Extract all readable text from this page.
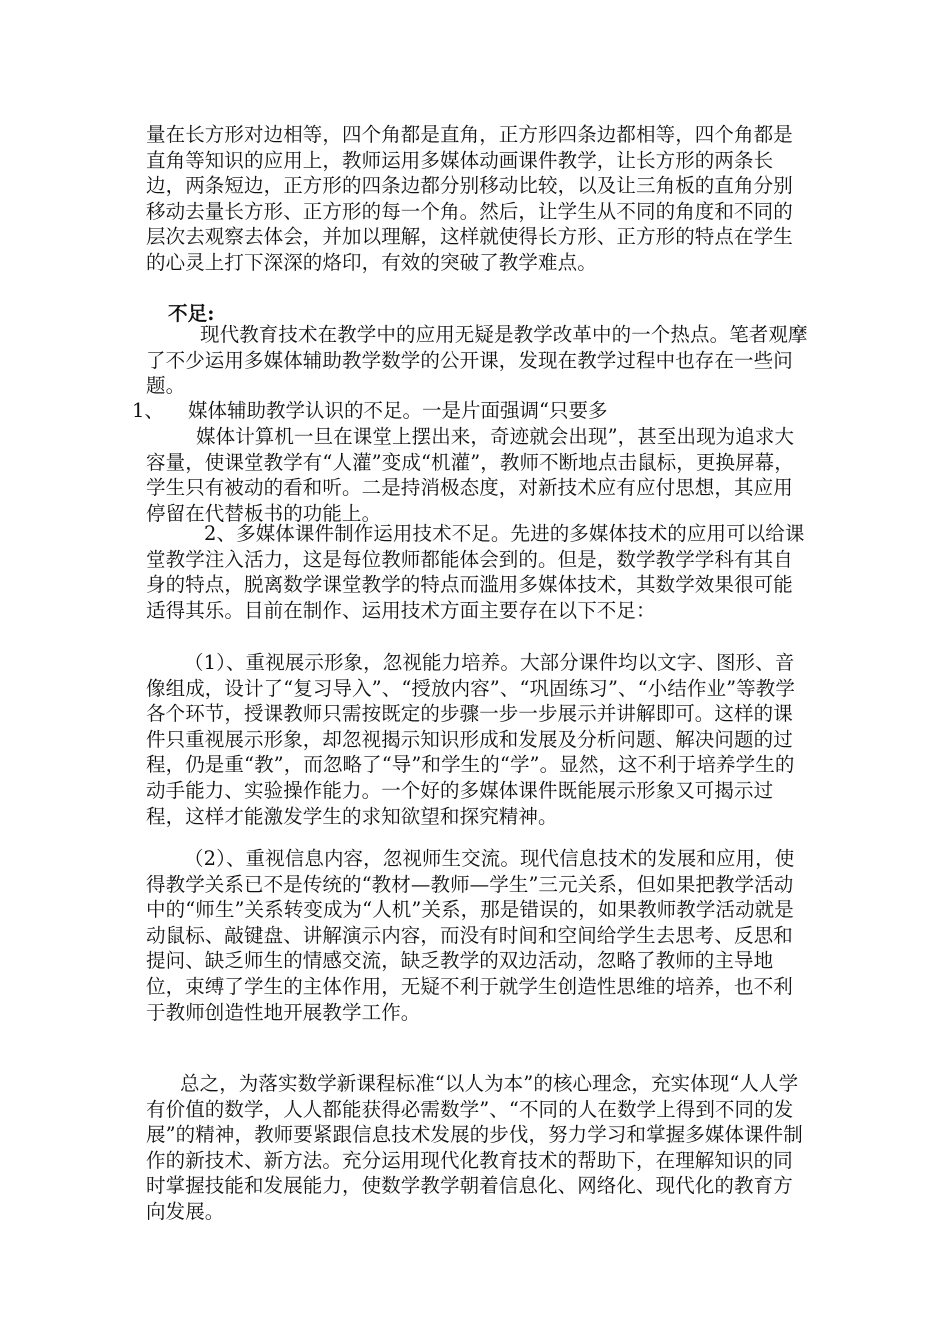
量在长方形对边相等，四个角都是直角，正方形四条边都相等，四个角都是直角等知识的应用上，教师运用多媒体动画课件教学，让长方形的两条长边，两条短边，正方形的四条边都分别移动比较，以及让三角板的直角分别移动去量长方形、正方形的每一个角。然后，让学生从不同的角度和不同的层次去观察去体会，并加以理解，这样就使得长方形、正方形的特点在学生的心灵上打下深深的烙印，有效的突破了教学难点。
不足:
现代教育技术在教学中的应用无疑是教学改革中的一个热点。笔者观摩了不少运用多媒体辅助教学数学的公开课，发现在教学过程中也存在一些问题。
1、 媒体辅助教学认识的不足。一是片面强调“只要多
媒体计算机一旦在课堂上摆出来，奇迹就会出现”，甚至出现为追求大容量，使课堂教学有“人灌”变成“机灌”，教师不断地点击鼠标，更换屏幕，学生只有被动的看和听。二是持消极态度，对新技术应有应付思想，其应用停留在代替板书的功能上。
2、多媒体课件制作运用技术不足。先进的多媒体技术的应用可以给课堂教学注入活力，这是每位教师都能体会到的。但是，数学教学学科有其自身的特点，脱离数学课堂教学的特点而滥用多媒体技术，其数学效果很可能适得其乐。目前在制作、运用技术方面主要存在以下不足：
（1）、重视展示形象，忽视能力培养。大部分课件均以文字、图形、音像组成，设计了“复习导入”、“授放内容”、“巩固练习”、“小结作业”等教学各个环节，授课教师只需按既定的步骤一步一步展示并讲解即可。这样的课件只重视展示形象，却忽视揭示知识形成和发展及分析问题、解决问题的过程，仍是重“教”，而忽略了“导”和学生的“学”。显然，这不利于培养学生的动手能力、实验操作能力。一个好的多媒体课件既能展示形象又可揭示过程，这样才能激发学生的求知欲望和探究精神。
（2）、重视信息内容，忽视师生交流。现代信息技术的发展和应用，使得教学关系已不是传统的“教材—教师—学生”三元关系，但如果把教学活动中的“师生”关系转变成为“人机”关系，那是错误的，如果教师教学活动就是动鼠标、敲键盘、讲解演示内容，而没有时间和空间给学生去思考、反思和提问、缺乏师生的情感交流，缺乏教学的双边活动，忽略了教师的主导地位，束缚了学生的主体作用，无疑不利于就学生创造性思维的培养，也不利于教师创造性地开展教学工作。
总之，为落实数学新课程标准“以人为本”的核心理念，充实体现“人人学有价值的数学，人人都能获得必需数学”、“不同的人在数学上得到不同的发展”的精神，教师要紧跟信息技术发展的步伐，努力学习和掌握多媒体课件制作的新技术、新方法。充分运用现代化教育技术的帮助下，在理解知识的同时掌握技能和发展能力，使数学教学朝着信息化、网络化、现代化的教育方向发展。
